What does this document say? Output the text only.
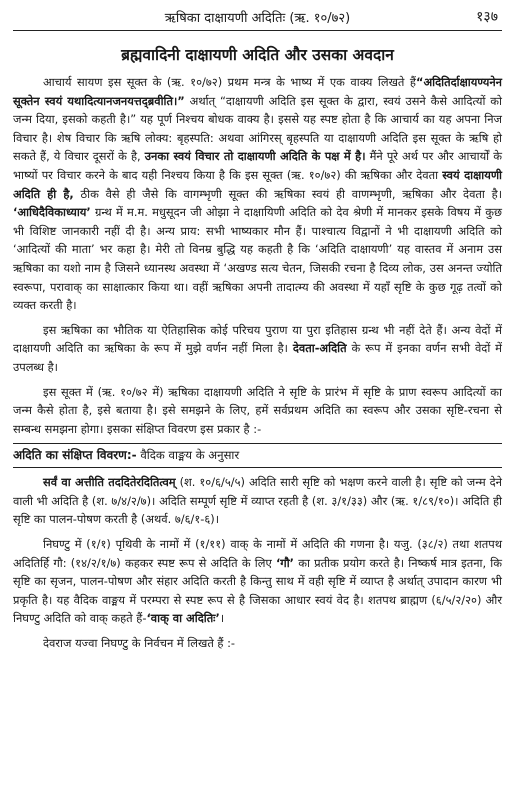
ऋषिका दाक्षायणी अदितिः (ऋ. १०/७२)	१३७
ब्रह्मवादिनी दाक्षायणी अदिति और उसका अवदान

आचार्य सायण इस सूक्त के (ऋ. १०/७२) प्रथम मन्त्र के भाष्य में एक वाक्य लिखते हैं“अदितिर्दाक्षायण्यनेन सूक्तेन स्वयं यथादित्यानजनयत्तद्ब्रवीति।” अर्थात् “दाक्षायणी अदिति इस सूक्त के द्वारा, स्वयं उसने कैसे आदित्यों को जन्म दिया, इसको कहती है।” यह पूर्ण निश्चय बोधक वाक्य है। इससे यह स्पष्ट होता है कि आचार्य का यह अपना निज विचार है। शेष विचार कि ऋषि लोक्य: बृहस्पति: अथवा आंगिरस् बृहस्पति या दाक्षायणी अदिति इस सूक्त के ऋषि हो सकते हैं, ये विचार दूसरों के है, उनका स्वयं विचार तो दाक्षायणी अदिति के पक्ष में है। मैंने पूरे अर्थ पर और आचार्यों के भाष्यों पर विचार करने के बाद यही निश्चय किया है कि इस सूक्त (ऋ. १०/७२) की ऋषिका और देवता स्वयं दाक्षायणी अदिति ही है, ठीक वैसे ही जैसे कि वागम्भृणी सूक्त की ऋषिका स्वयं ही वाणम्भृणी, ऋषिका और देवता है। ‘आधिदैविकाध्याय’ ग्रन्थ में म.म. मधुसूदन जी ओझा ने दाक्षायिणी अदिति को देव श्रेणी में मानकर इसके विषय में कुछ भी विशिष्ट जानकारी नहीं दी है। अन्य प्राय: सभी भाष्यकार मौन हैं। पाश्चात्य विद्वानों ने भी दाक्षायणी अदिति को ‘आदित्यों की माता’ भर कहा है। मेरी तो विनम्र बुद्धि यह कहती है कि ‘अदिति दाक्षायणी’ यह वास्तव में अनाम उस ऋषिका का यशो नाम है जिसने ध्यानस्थ अवस्था में ‘अखण्ड सत्य चेतन, जिसकी रचना है दिव्य लोक, उस अनन्त ज्योति स्वरूपा, परावाक् का साक्षात्कार किया था। वहीं ऋषिका अपनी तादात्म्य की अवस्था में यहाँ सृष्टि के कुछ गूढ़ तत्वों को व्यक्त करती है।

इस ऋषिका का भौतिक या ऐतिहासिक कोई परिचय पुराण या पुरा इतिहास ग्रन्थ भी नहीं देते हैं। अन्य वेदों में दाक्षायणी अदिति का ऋषिका के रूप में मुझे वर्णन नहीं मिला है। देवता-अदिति के रूप में इनका वर्णन सभी वेदों में उपलब्ध है।

इस सूक्त में (ऋ. १०/७२ में) ऋषिका दाक्षायणी अदिति ने सृष्टि के प्रारंभ में सृष्टि के प्राण स्वरूप आदित्यों का जन्म कैसे होता है, इसे बताया है। इसे समझने के लिए, हमें सर्वप्रथम अदिति का स्वरूप और उसका सृष्टि-रचना से सम्बन्ध समझना होगा। इसका संक्षिप्त विवरण इस प्रकार है :-

अदिति का संक्षिप्त विवरण:- वैदिक वाङ्मय के अनुसार

सर्वं वा अत्तीति तददितेरदितित्वम् (श. १०/६/५/५) अदिति सारी सृष्टि को भक्षण करने वाली है। सृष्टि को जन्म देने वाली भी अदिति है (श. ७/४/२/७)। अदिति सम्पूर्ण सृष्टि में व्याप्त रहती है (श. ३/१/३३) और (ऋ. १/८९/१०)। अदिति ही सृष्टि का पालन-पोषण करती है (अथर्व. ७/६/१-६)।

निघण्टु में (१/१) पृथिवी के नामों में (१/११) वाक् के नामों में अदिति की गणना है। यजु. (३८/२) तथा शतपथ अदितिर्हि गौ: (१४/२/१/७) कहकर स्पष्ट रूप से अदिति के लिए ‘गौ’ का प्रतीक प्रयोग करते है। निष्कर्ष मात्र इतना, कि सृष्टि का सृजन, पालन-पोषण और संहार अदिति करती है किन्तु साथ में वही सृष्टि में व्याप्त है अर्थात् उपादान कारण भी प्रकृति है। यह वैदिक वाङ्मय में परम्परा से स्पष्ट रूप से है जिसका आधार स्वयं वेद है। शतपथ ब्राह्मण (६/५/२/२०) और निघण्टु अदिति को वाक् कहते हैं-‘वाक् वा अदितिः’।

देवराज यज्वा निघण्टु के निर्वचन में लिखते हैं :-
